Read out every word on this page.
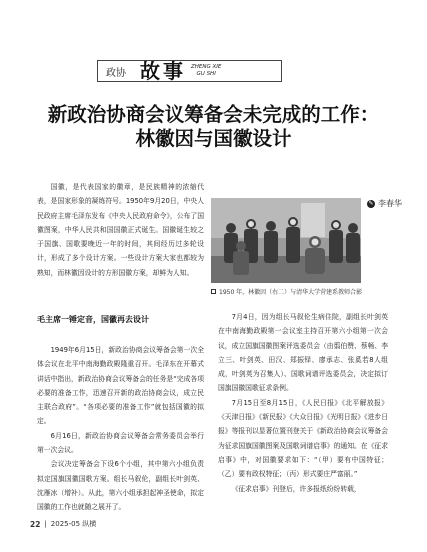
政协 故事 ZHENG XIE
GU SHI
新政治协商会议筹备会未完成的工作：
林徽因与国徽设计
✎ 李春华
1950 年，林徽因（右二）与清华大学营建系教师合影

国徽，是代表国家的徽章，是民族精神的浓缩代表，是国家形象的凝练符号。1950年9月20日，中央人民政府主席毛泽东发布《中央人民政府命令》，公布了国徽图案，中华人民共和国国徽正式诞生。国徽诞生较之于国旗、国歌要晚近一年的时间，其间经历过多轮设计，形成了多个设计方案。一些设计方案大家也都较为熟知，而林徽因设计的方形国徽方案，却鲜为人知。

毛主席一锤定音，国徽再去设计

1949年6月15日，新政治协商会议筹备会第一次全体会议在北平中南海勤政殿隆重召开。毛泽东在开幕式讲话中指出，新政治协商会议筹备会的任务是“完成各项必要的准备工作，迅速召开新的政治协商会议，成立民主联合政府”。“各项必要的准备工作”就包括国徽的拟定。

6月16日，新政治协商会议筹备会常务委员会举行第一次会议。

会议决定筹备会下设6个小组，其中第六小组负责拟定国旗国徽国歌方案。组长马叙伦，副组长叶剑英、沈雁冰（增补）。从此，第六小组承担起神圣使命，拟定国徽的工作也就随之展开了。

7月4日，因为组长马叙伦生病住院，副组长叶剑英在中南海勤政殿第一会议室主持召开第六小组第一次会议，成立国旗国徽图案评选委员会（由翦伯赞、蔡畅、李立三、叶剑英、田汉、郑振铎、廖承志、张奚若8人组成，叶剑英为召集人）、国歌词谱评选委员会，决定拟订国旗国徽国歌征求条例。

7月15日至8月15日，《人民日报》《北平解放报》《天津日报》《新民报》《大众日报》《光明日报》《进步日报》等报刊以显著位置刊登关于《新政治协商会议筹备会为征求国旗国徽图案及国歌词谱启事》的通知。在《征求启事》中，对国徽要求如下：“（甲）要有中国特征；（乙）要有政权特征；（丙）形式要庄严富丽。”

《征求启事》刊登后，许多报纸纷纷转载，

22 | 2025-05 纵横
